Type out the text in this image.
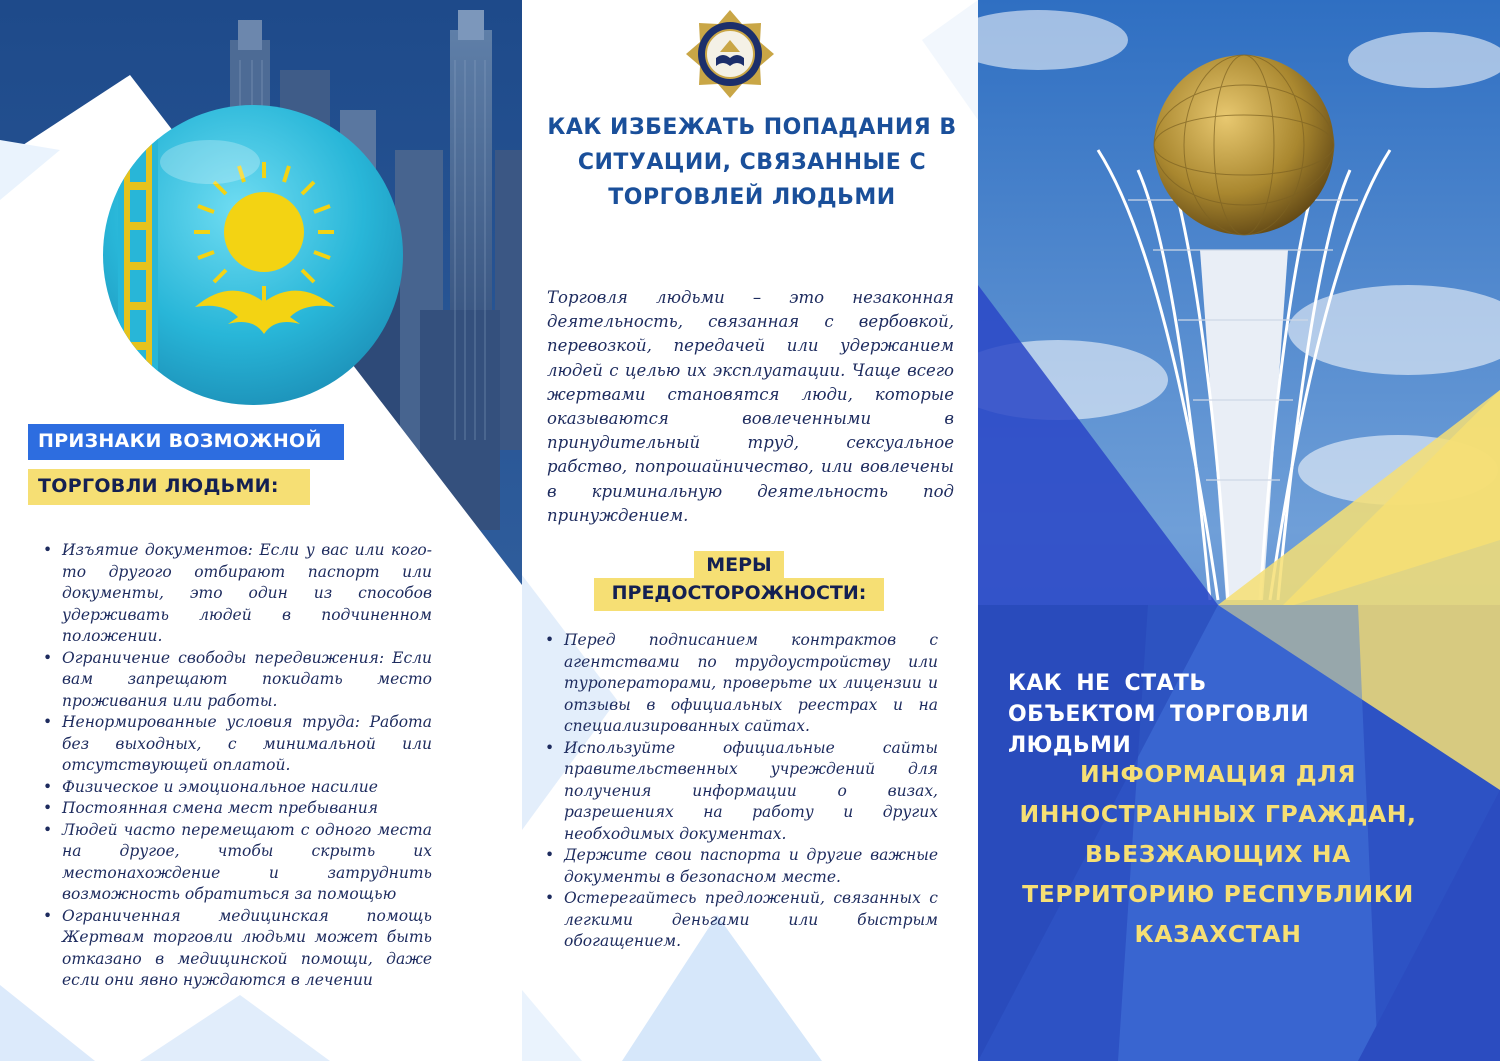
ПРИЗНАКИ ВОЗМОЖНОЙ
ТОРГОВЛИ ЛЮДЬМИ:
• Изъятие документов: Если у вас или кого-то другого отбирают паспорт или документы, это один из способов удерживать людей в подчиненном положении.
• Ограничение свободы передвижения: Если вам запрещают покидать место проживания или работы.
• Ненормированные условия труда: Работа без выходных, с минимальной или отсутствующей оплатой.
• Физическое и эмоциональное насилие
• Постоянная смена мест пребывания
• Людей часто перемещают с одного места на другое, чтобы скрыть их местонахождение и затруднить возможность обратиться за помощью
• Ограниченная медицинская помощь Жертвам торговли людьми может быть отказано в медицинской помощи, даже если они явно нуждаются в лечении
КАК ИЗБЕЖАТЬ ПОПАДАНИЯ В СИТУАЦИИ, СВЯЗАННЫЕ С ТОРГОВЛЕЙ ЛЮДЬМИ

Торговля людьми – это незаконная деятельность, связанная с вербовкой, перевозкой, передачей или удержанием людей с целью их эксплуатации. Чаще всего жертвами становятся люди, которые оказываются вовлеченными в принудительный труд, сексуальное рабство, попрошайничество, или вовлечены в криминальную деятельность под принуждением.

МЕРЫ
ПРЕДОСТОРОЖНОСТИ:
• Перед подписанием контрактов с агентствами по трудоустройству или туроператорами, проверьте их лицензии и отзывы в официальных реестрах и на специализированных сайтах.
• Используйте официальные сайты правительственных учреждений для получения информации о визах, разрешениях на работу и других необходимых документах.
• Держите свои паспорта и другие важные документы в безопасном месте.
• Остерегайтесь предложений, связанных с легкими деньгами или быстрым обогащением.
КАК НЕ СТАТЬ ОБЪЕКТОМ ТОРГОВЛИ ЛЮДЬМИ
ИНФОРМАЦИЯ ДЛЯ ИННОСТРАННЫХ ГРАЖДАН, ВЬЕЗЖАЮЩИХ НА ТЕРРИТОРИЮ РЕСПУБЛИКИ КАЗАХСТАН
